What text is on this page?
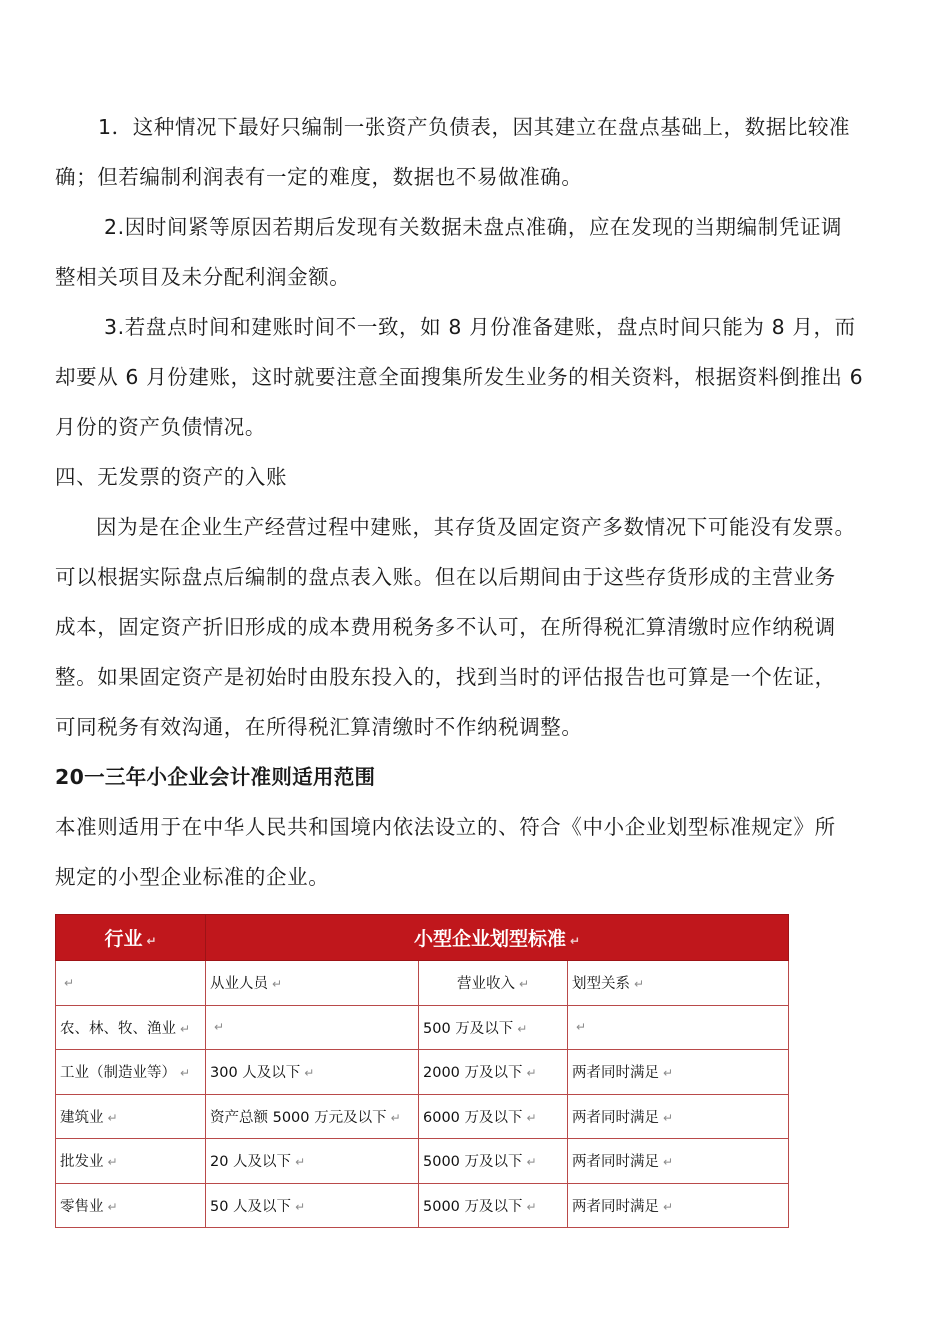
1．这种情况下最好只编制一张资产负债表，因其建立在盘点基础上，数据比较准
确；但若编制利润表有一定的难度，数据也不易做准确。
2.因时间紧等原因若期后发现有关数据未盘点准确，应在发现的当期编制凭证调
整相关项目及未分配利润金额。
3.若盘点时间和建账时间不一致，如 8 月份准备建账，盘点时间只能为 8 月，而
却要从 6 月份建账，这时就要注意全面搜集所发生业务的相关资料，根据资料倒推出 6
月份的资产负债情况。
四、无发票的资产的入账
因为是在企业生产经营过程中建账，其存货及固定资产多数情况下可能没有发票。
可以根据实际盘点后编制的盘点表入账。但在以后期间由于这些存货形成的主营业务
成本，固定资产折旧形成的成本费用税务多不认可，在所得税汇算清缴时应作纳税调
整。如果固定资产是初始时由股东投入的，找到当时的评估报告也可算是一个佐证，
可同税务有效沟通，在所得税汇算清缴时不作纳税调整。
20一三年小企业会计准则适用范围
本准则适用于在中华人民共和国境内依法设立的、符合《中小企业划型标准规定》所
规定的小型企业标准的企业。
行业 ↵	小型企业划型标准 ↵		
↵	从业人员 ↵	营业收入 ↵	划型关系 ↵
农、林、牧、渔业 ↵	↵	500 万及以下 ↵	↵
工业（制造业等） ↵	300 人及以下 ↵	2000 万及以下 ↵	两者同时满足 ↵
建筑业 ↵	资产总额 5000 万元及以下 ↵	6000 万及以下 ↵	两者同时满足 ↵
批发业 ↵	20 人及以下 ↵	5000 万及以下 ↵	两者同时满足 ↵
零售业 ↵	50 人及以下 ↵	5000 万及以下 ↵	两者同时满足 ↵
